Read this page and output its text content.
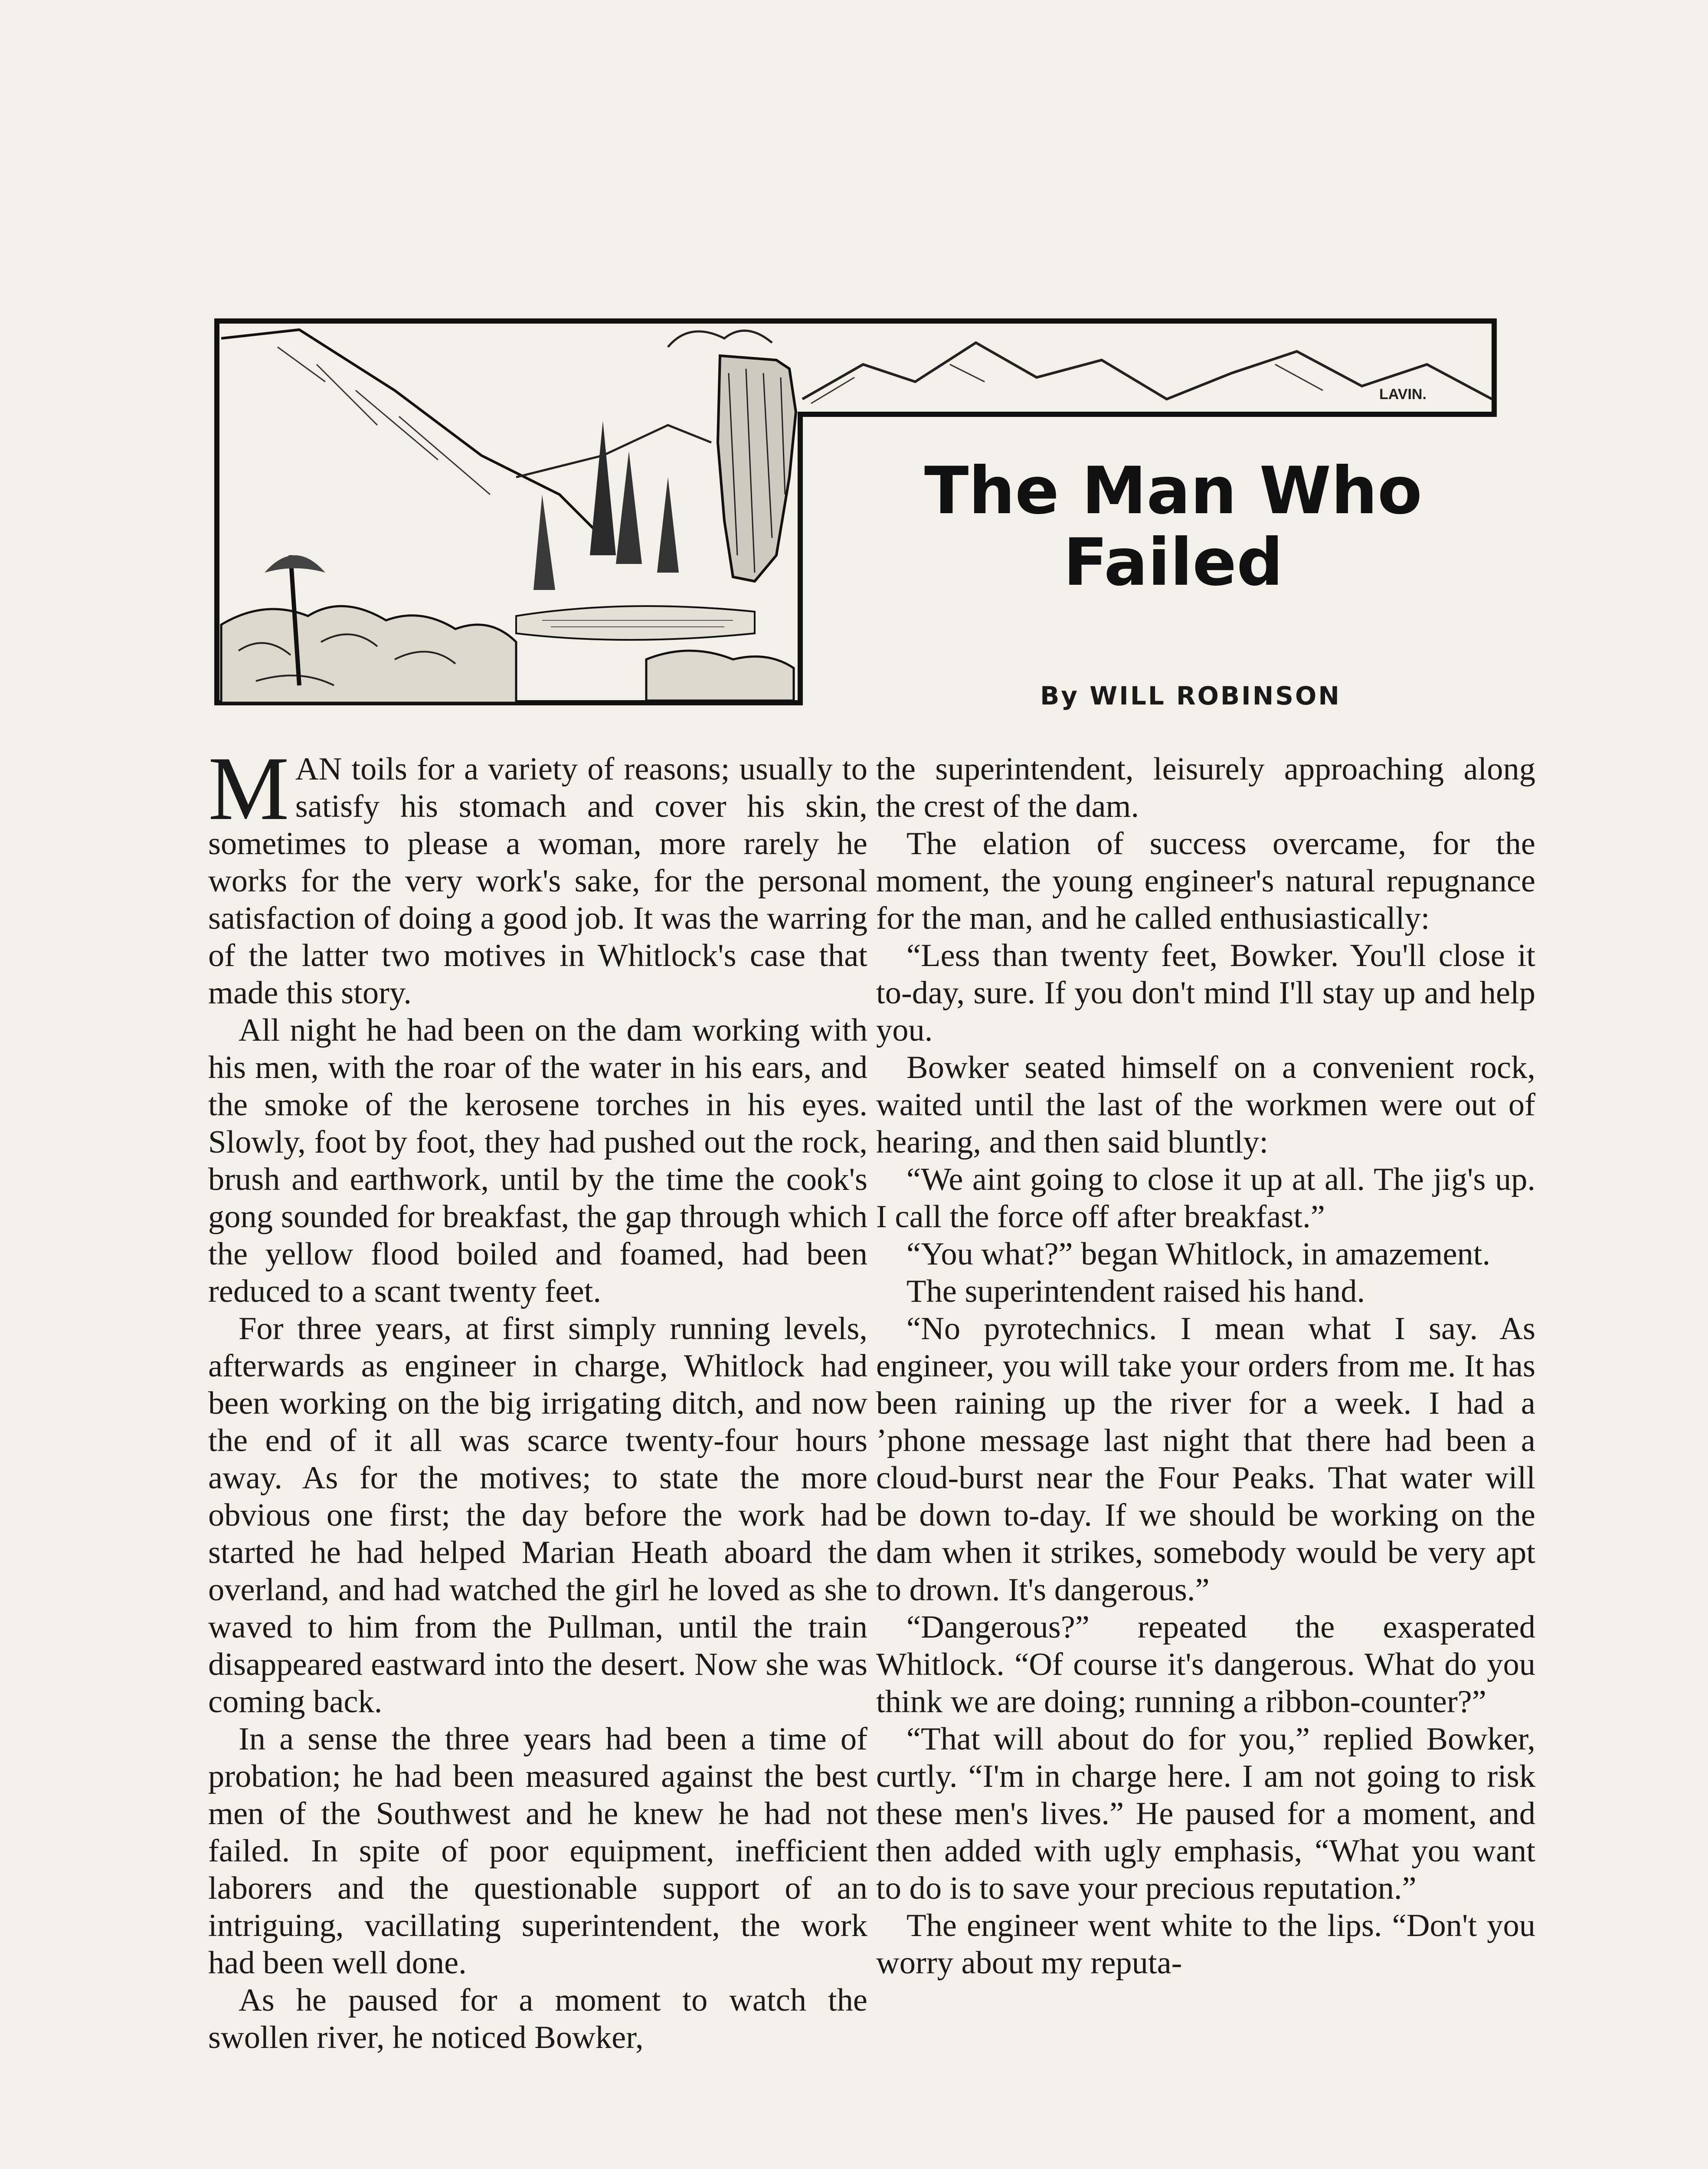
LAVIN.
The Man Who
Failed
By WILL ROBINSON

MAN toils for a variety of reasons; usually to satisfy his stomach and cover his skin, sometimes to please a woman, more rarely he works for the very work's sake, for the personal satisfaction of doing a good job. It was the warring of the latter two motives in Whitlock's case that made this story.

All night he had been on the dam working with his men, with the roar of the water in his ears, and the smoke of the kerosene torches in his eyes. Slowly, foot by foot, they had pushed out the rock, brush and earthwork, until by the time the cook's gong sounded for breakfast, the gap through which the yellow flood boiled and foamed, had been reduced to a scant twenty feet.

For three years, at first simply running levels, afterwards as engineer in charge, Whitlock had been working on the big irrigating ditch, and now the end of it all was scarce twenty-four hours away. As for the motives; to state the more obvious one first; the day before the work had started he had helped Marian Heath aboard the overland, and had watched the girl he loved as she waved to him from the Pullman, until the train disappeared eastward into the desert. Now she was coming back.

In a sense the three years had been a time of probation; he had been measured against the best men of the Southwest and he knew he had not failed. In spite of poor equipment, inefficient laborers and the questionable support of an intriguing, vacillating superintendent, the work had been well done.

As he paused for a moment to watch the swollen river, he noticed Bowker,

the superintendent, leisurely approaching along the crest of the dam.

The elation of success overcame, for the moment, the young engineer's natural repugnance for the man, and he called enthusiastically:

“Less than twenty feet, Bowker. You'll close it to-day, sure. If you don't mind I'll stay up and help you.

Bowker seated himself on a convenient rock, waited until the last of the workmen were out of hearing, and then said bluntly:

“We aint going to close it up at all. The jig's up. I call the force off after breakfast.”

“You what?” began Whitlock, in amazement.

The superintendent raised his hand.

“No pyrotechnics. I mean what I say. As engineer, you will take your orders from me. It has been raining up the river for a week. I had a ’phone message last night that there had been a cloud-burst near the Four Peaks. That water will be down to-day. If we should be working on the dam when it strikes, somebody would be very apt to drown. It's dangerous.”

“Dangerous?” repeated the exasperated Whitlock. “Of course it's dangerous. What do you think we are doing; running a ribbon-counter?”

“That will about do for you,” replied Bowker, curtly. “I'm in charge here. I am not going to risk these men's lives.” He paused for a moment, and then added with ugly emphasis, “What you want to do is to save your precious reputation.”

The engineer went white to the lips. “Don't you worry about my reputa-
